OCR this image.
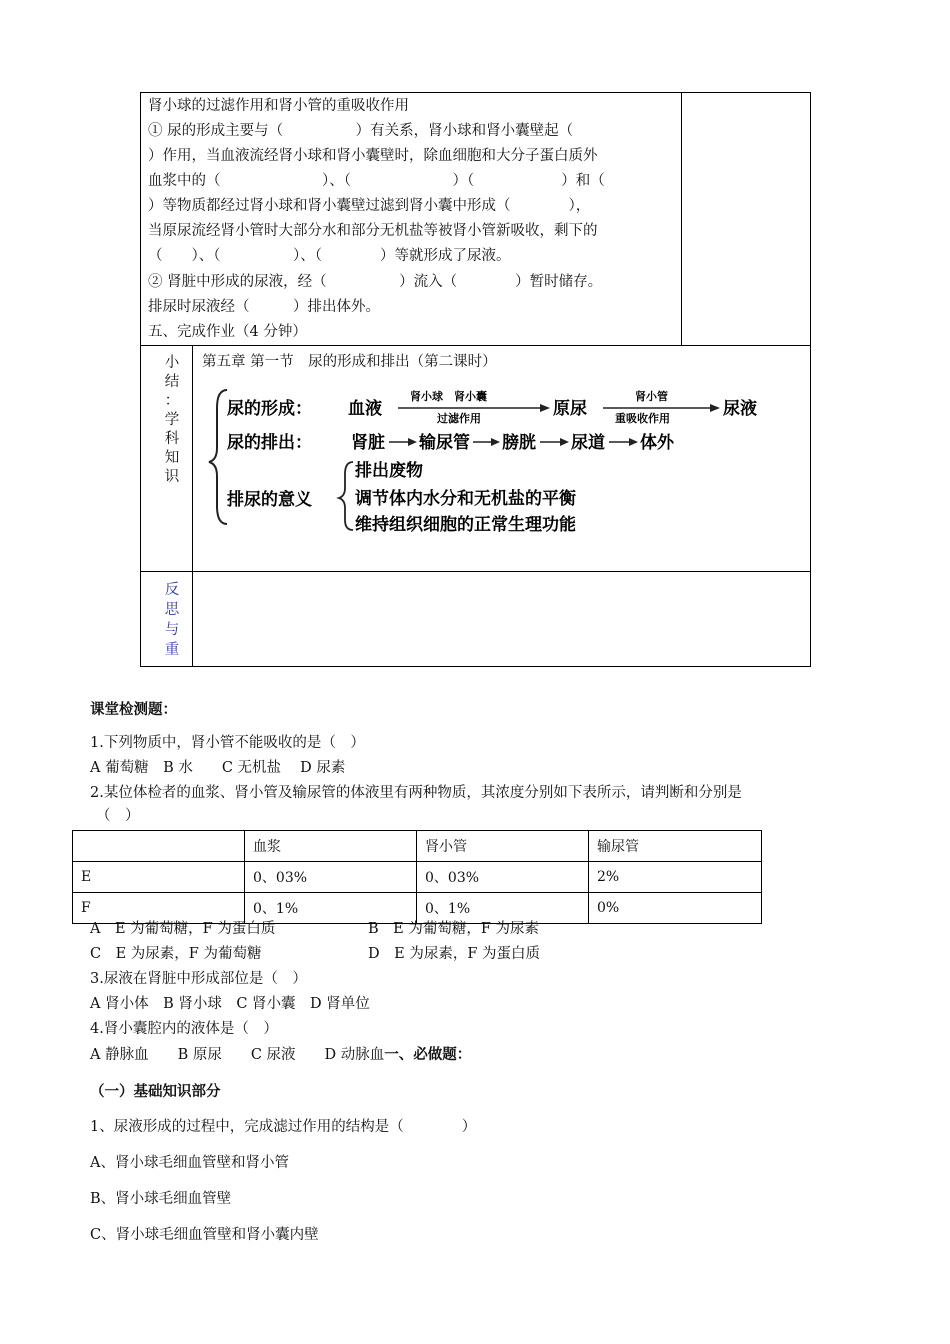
肾小球的过滤作用和肾小管的重吸收作用
① 尿的形成主要与（　　　　　）有关系，肾小球和肾小囊壁起（
）作用，当血液流经肾小球和肾小囊壁时，除血细胞和大分子蛋白质外
血浆中的（　　　　　　　）、（　　　　　　　）（　　　　　　）和（
）等物质都经过肾小球和肾小囊壁过滤到肾小囊中形成（　　　　），
当原尿流经肾小管时大部分水和部分无机盐等被肾小管新吸收，剩下的
（　　）、（　　　　　）、（　　　　）等就形成了尿液。
② 肾脏中形成的尿液，经（　　　　　）流入（　　　　）暂时储存。
排尿时尿液经（　　　）排出体外。
五、完成作业（4 分钟）
小
结
：
学
科
知
识
第五章 第一节　尿的形成和排出（第二课时）
尿的形成： 血液
肾小球　肾小囊
过滤作用	原尿
肾小管
重吸收作用	尿液
尿的排出： 肾脏 输尿管 膀胱 尿道 体外
排尿的意义
排出废物
调节体内水分和无机盐的平衡
维持组织细胞的正常生理功能
反
思
与
重
课堂检测题：
1.下列物质中，肾小管不能吸收的是（　）
A 葡萄糖　B 水　　C 无机盐　 D 尿素
2.某位体检者的血浆、肾小管及输尿管的体液里有两种物质，其浓度分别如下表所示，请判断和分别是
（　）
	血浆	肾小管	输尿管
E	0、03%	0、03%	2%
F	0、1%	0、1%	0%
A　E 为葡萄糖，F 为蛋白质	B　E 为葡萄糖，F 为尿素
C　E 为尿素，F 为葡萄糖	D　E 为尿素，F 为蛋白质
3.尿液在肾脏中形成部位是（　）
A 肾小体　B 肾小球　C 肾小囊　D 肾单位
4.肾小囊腔内的液体是（　）
A 静脉血　　B 原尿　　C 尿液　　D 动脉血一、必做题：
（一）基础知识部分
1、尿液形成的过程中，完成滤过作用的结构是（　　　　）
A、肾小球毛细血管壁和肾小管
B、肾小球毛细血管壁
C、肾小球毛细血管壁和肾小囊内壁
